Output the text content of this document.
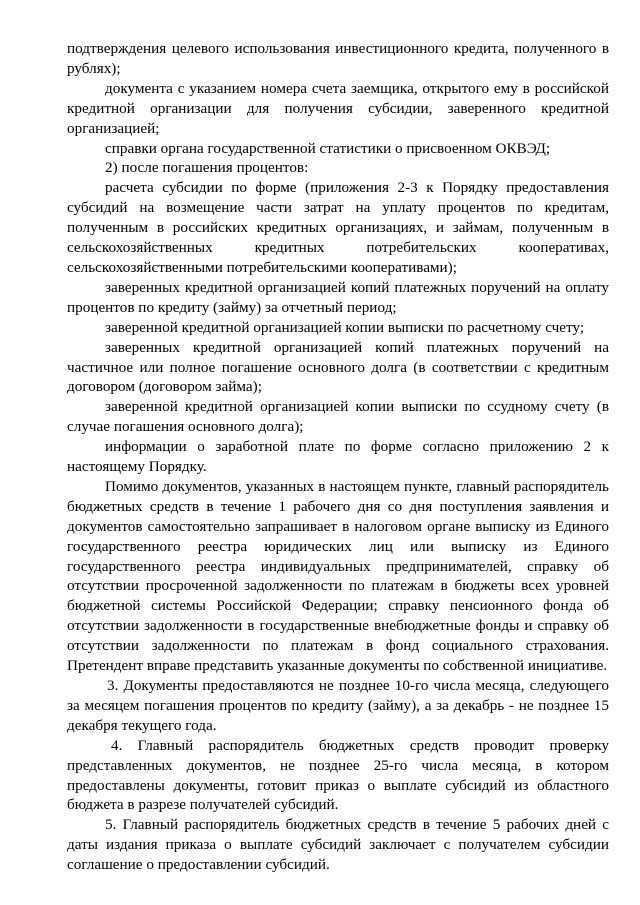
подтверждения целевого использования инвестиционного кредита, полученного в рублях);

документа с указанием номера счета заемщика, открытого ему в российской кредитной организации для получения субсидии, заверенного кредитной организацией;

справки органа государственной статистики о присвоенном ОКВЭД;

2) после погашения процентов:

расчета субсидии по форме (приложения 2-3 к Порядку предоставления субсидий на возмещение части затрат на уплату процентов по кредитам, полученным в российских кредитных организациях, и займам, полученным в сельскохозяйственных кредитных потребительских кооперативах, сельскохозяйственными потребительскими кооперативами);

заверенных кредитной организацией копий платежных поручений на оплату процентов по кредиту (займу) за отчетный период;

заверенной кредитной организацией копии выписки по расчетному счету;

заверенных кредитной организацией копий платежных поручений на частичное или полное погашение основного долга (в соответствии с кредитным договором (договором займа);

заверенной кредитной организацией копии выписки по ссудному счету (в случае погашения основного долга);

информации о заработной плате по форме согласно приложению 2 к настоящему Порядку.

Помимо документов, указанных в настоящем пункте, главный распорядитель бюджетных средств в течение 1 рабочего дня со дня поступления заявления и документов самостоятельно запрашивает в налоговом органе выписку из Единого государственного реестра юридических лиц или выписку из Единого государственного реестра индивидуальных предпринимателей, справку об отсутствии просроченной задолженности по платежам в бюджеты всех уровней бюджетной системы Российской Федерации; справку пенсионного фонда об отсутствии задолженности в государственные внебюджетные фонды и справку об отсутствии задолженности по платежам в фонд социального страхования. Претендент вправе представить указанные документы по собственной инициативе.

3. Документы предоставляются не позднее 10-го числа месяца, следующего за месяцем погашения процентов по кредиту (займу), а за декабрь - не позднее 15 декабря текущего года.

4. Главный распорядитель бюджетных средств проводит проверку представленных документов, не позднее 25-го числа месяца, в котором предоставлены документы, готовит приказ о выплате субсидий из областного бюджета в разрезе получателей субсидий.

5. Главный распорядитель бюджетных средств в течение 5 рабочих дней с даты издания приказа о выплате субсидий заключает с получателем субсидии соглашение о предоставлении субсидий.
